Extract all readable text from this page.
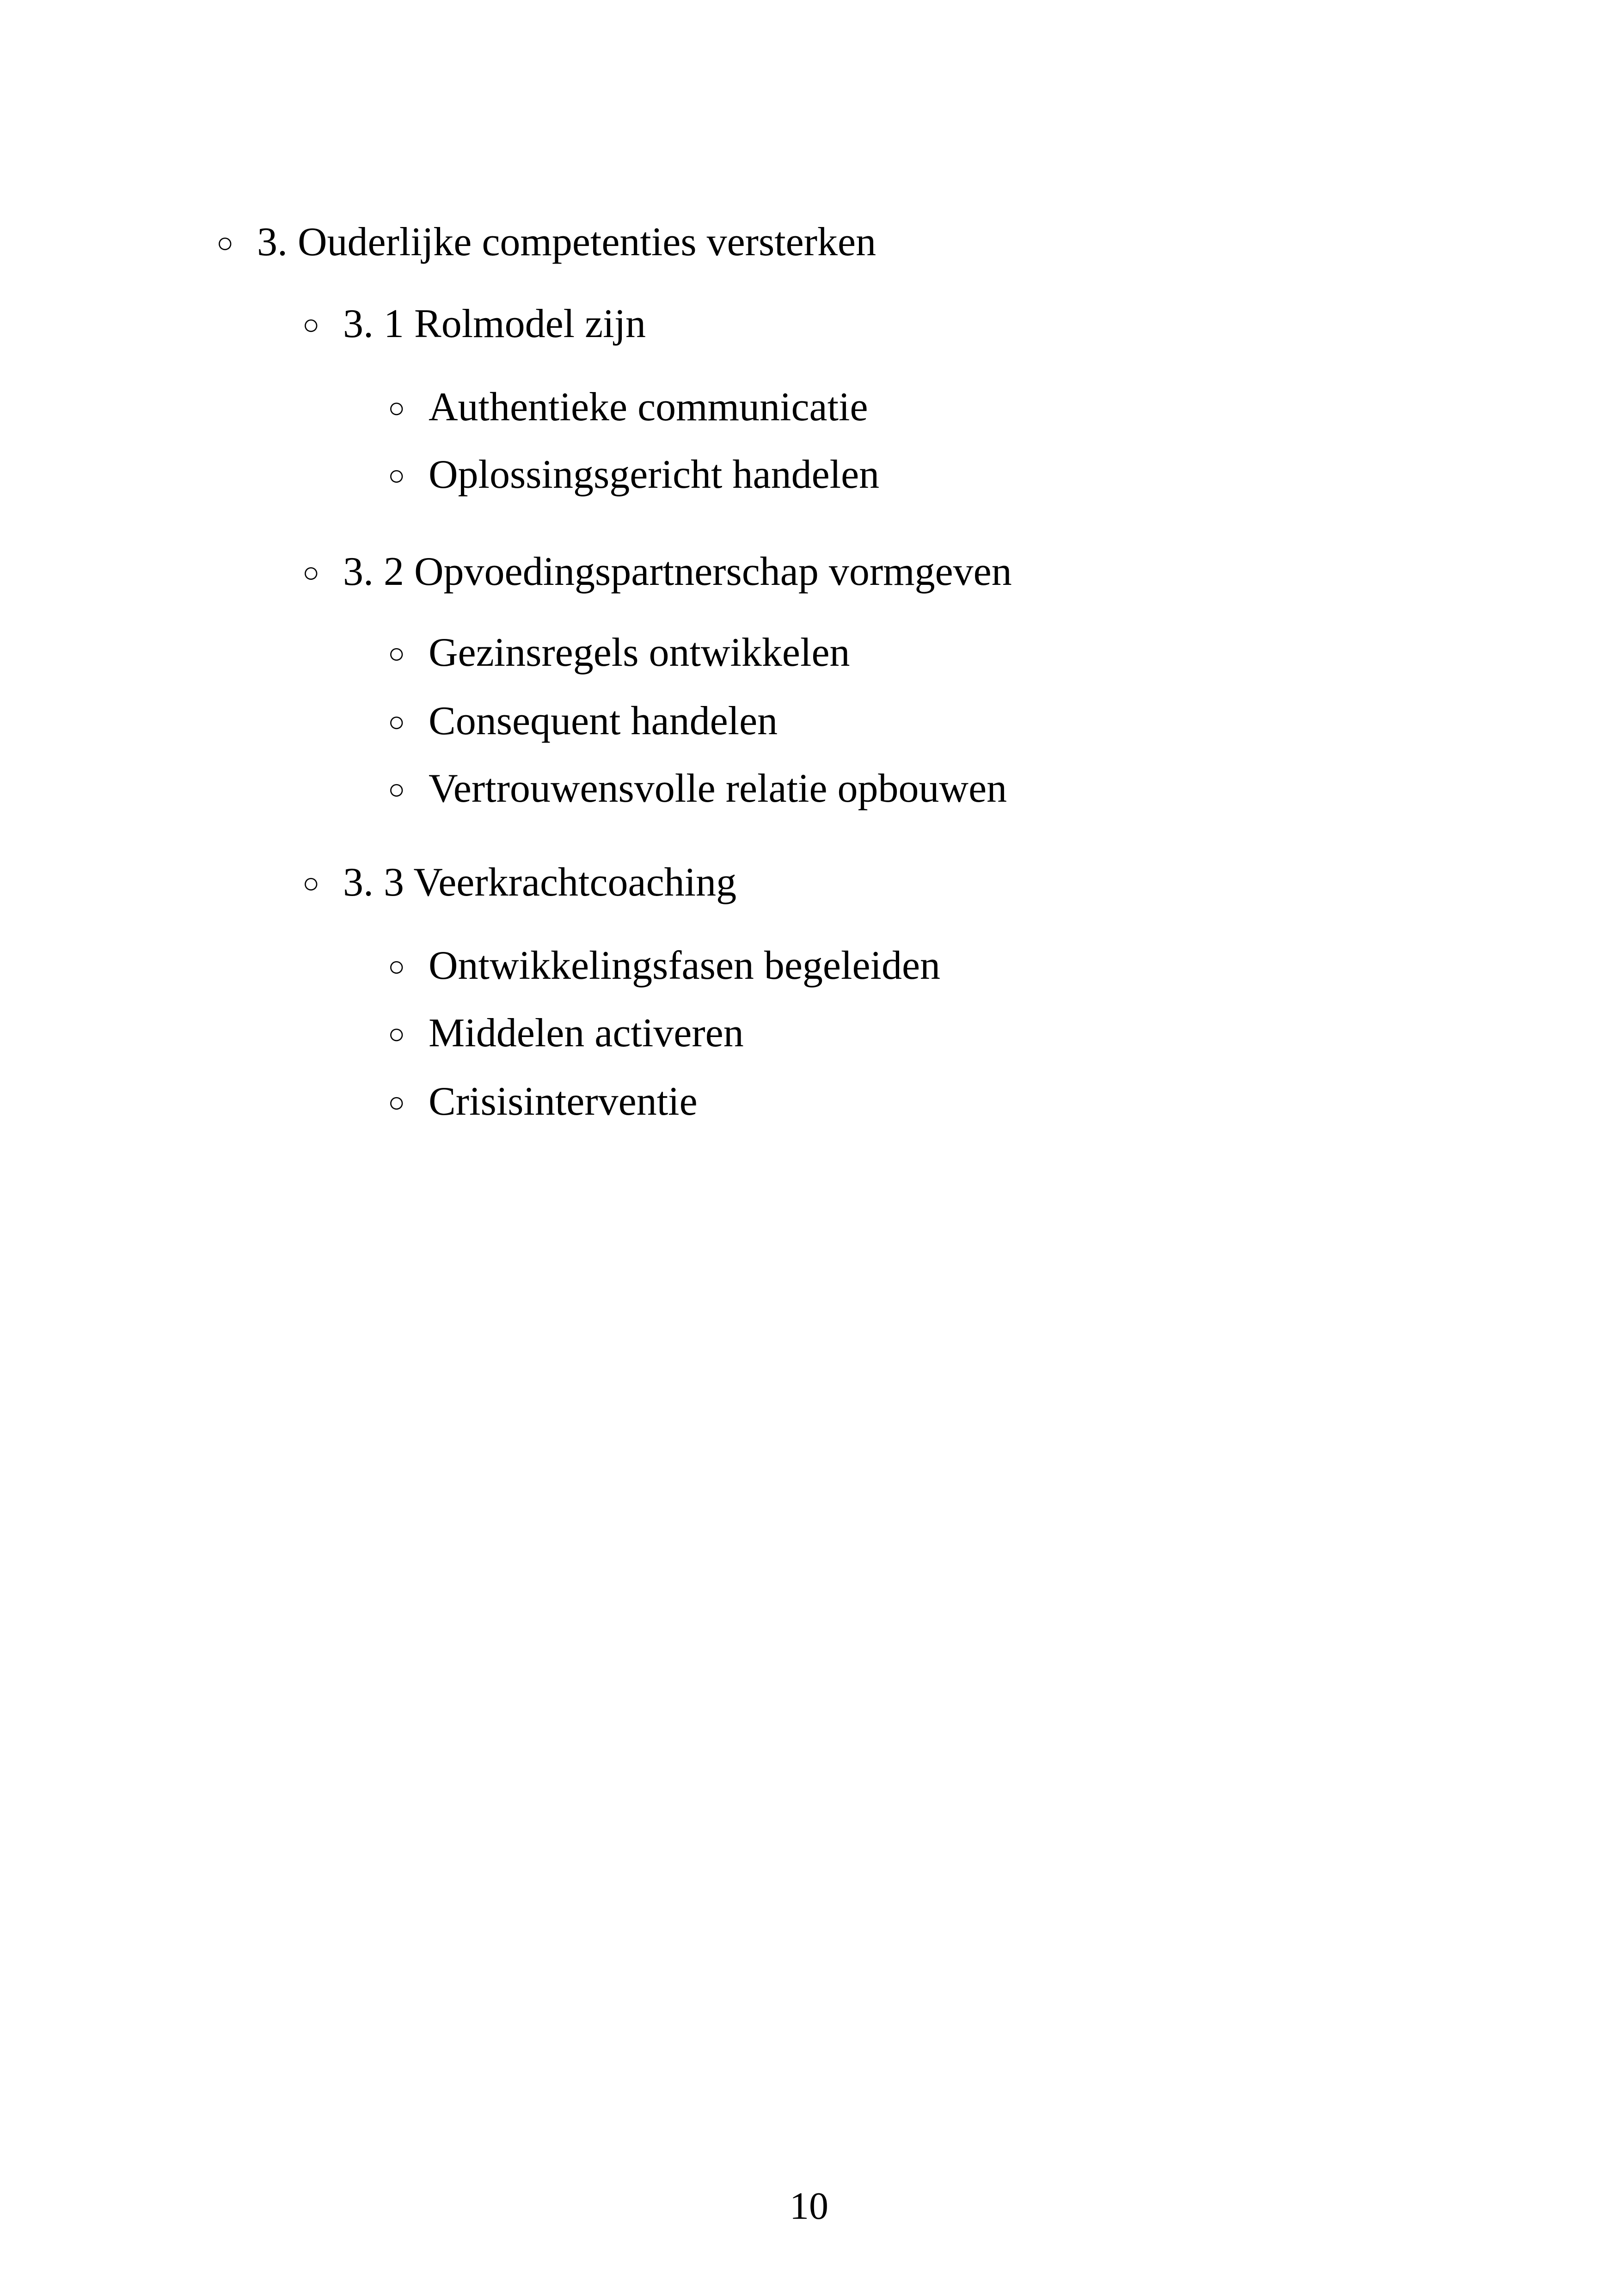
○ 3. Ouderlijke competenties versterken
○ 3. 1 Rolmodel zijn
○ Authentieke communicatie
○ Oplossingsgericht handelen
○ 3. 2 Opvoedingspartnerschap vormgeven
○ Gezinsregels ontwikkelen
○ Consequent handelen
○ Vertrouwensvolle relatie opbouwen
○ 3. 3 Veerkrachtcoaching
○ Ontwikkelingsfasen begeleiden
○ Middelen activeren
○ Crisisinterventie
10
